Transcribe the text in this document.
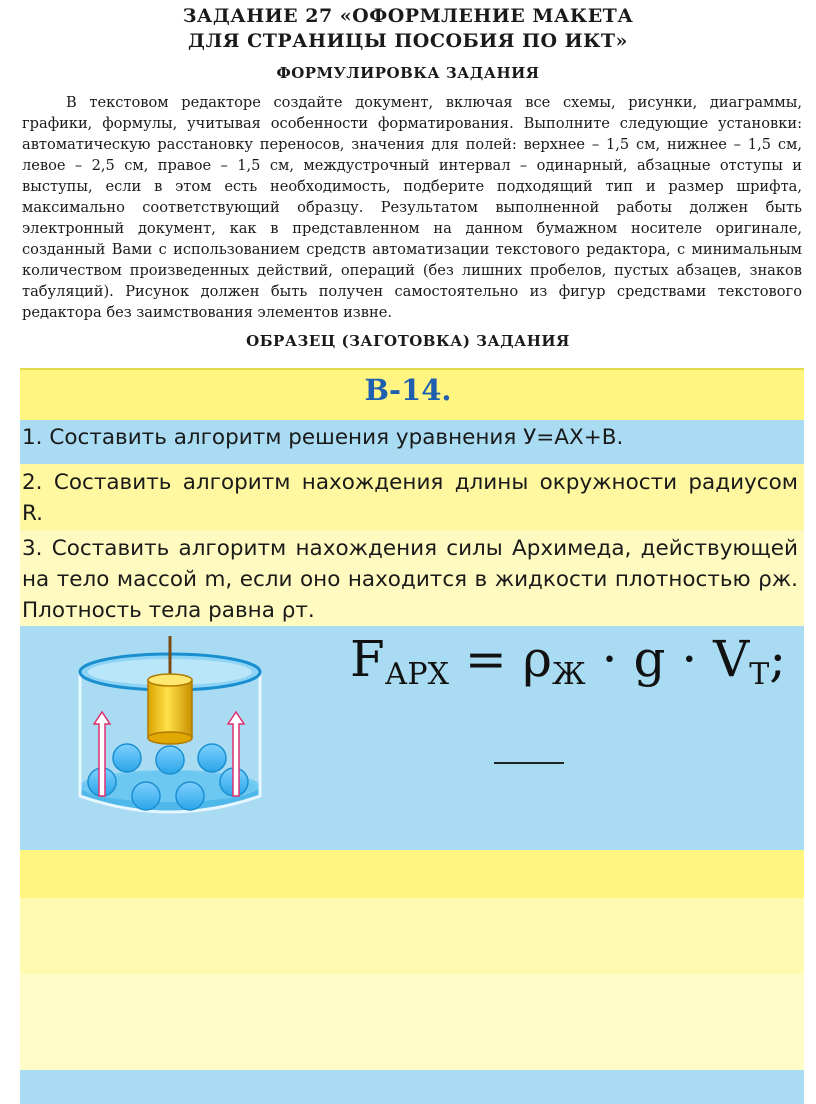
ЗАДАНИЕ 27 «ОФОРМЛЕНИЕ МАКЕТА
ДЛЯ СТРАНИЦЫ ПОСОБИЯ ПО ИКТ»
ФОРМУЛИРОВКА ЗАДАНИЯ
В текстовом редакторе создайте документ, включая все схемы, рисунки, диаграммы, графики, формулы, учитывая особенности форматирования. Выполните следующие установки: автоматическую расстановку переносов, значения для полей: верхнее – 1,5 см, нижнее – 1,5 см, левое – 2,5 см, правое – 1,5 см, междустрочный интервал – одинарный, абзацные отступы и выступы, если в этом есть необходимость, подберите подходящий тип и размер шрифта, максимально соответствующий образцу. Результатом выполненной работы должен быть электронный документ, как в представленном на данном бумажном носителе оригинале, созданный Вами с использованием средств автоматизации текстового редактора, с минимальным количеством произведенных действий, операций (без лишних пробелов, пустых абзацев, знаков табуляций). Рисунок должен быть получен самостоятельно из фигур средствами текстового редактора без заимствования элементов извне.
ОБРАЗЕЦ (ЗАГОТОВКА) ЗАДАНИЯ
В-14.
1. Составить алгоритм решения уравнения У=АХ+В.
2. Составить алгоритм нахождения длины окружности радиусом R.
3. Составить алгоритм нахождения силы Архимеда, действующей на тело массой m, если оно находится в жидкости плотностью ρж. Плотность тела равна ρт.
FАРХ = ρЖ · g · VТ;
